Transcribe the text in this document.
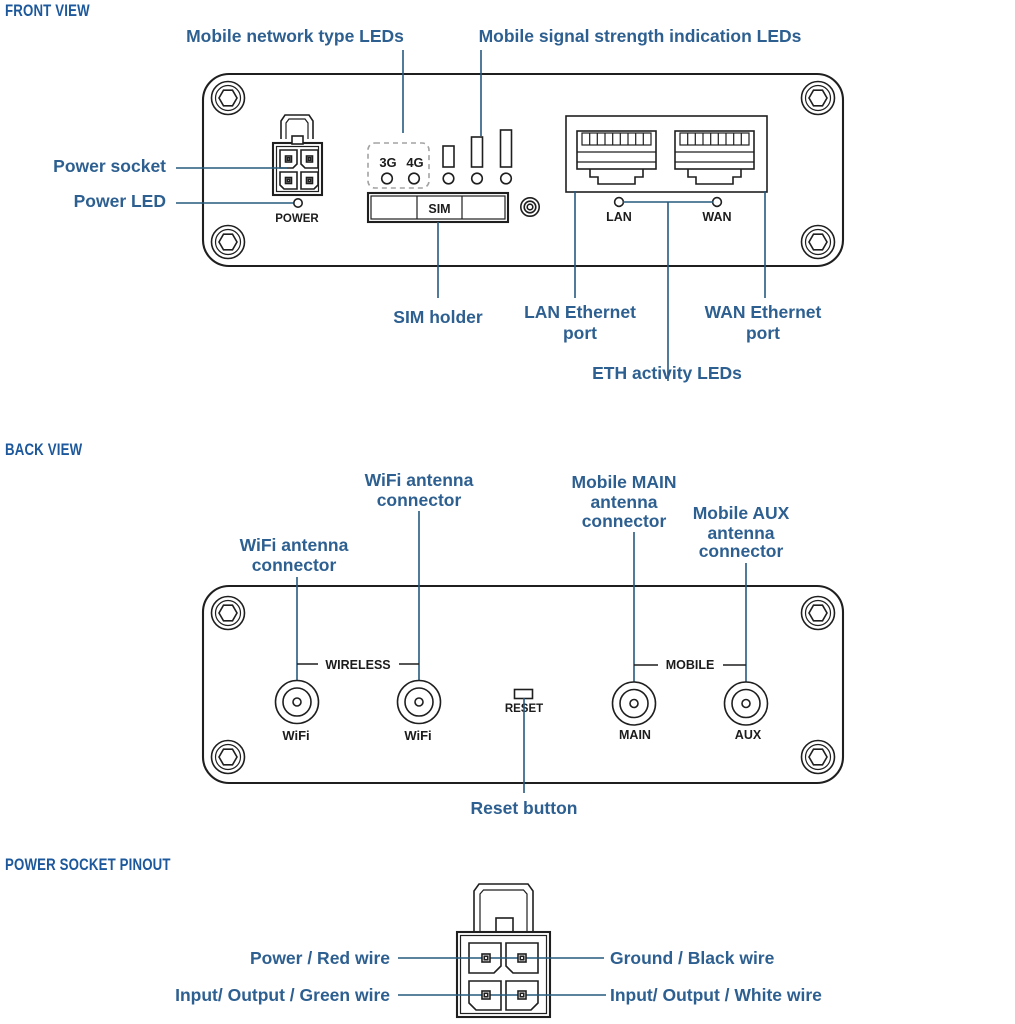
FRONT VIEW
POWER
3G 4G
SIM
LAN	WAN
Mobile network type LEDs	Mobile signal strength indication LEDs
Power socket
Power LED
SIM holder LAN Ethernet
port
WAN Ethernet
port
ETH activity LEDs
BACK VIEW
WIRELESS
WiFi	WiFi
RESET
MOBILE
MAIN	AUX
WiFi antenna
connector
WiFi antenna
connector
Mobile MAIN
antenna
connector Mobile AUX
antenna
connector
Reset button
POWER SOCKET PINOUT
Power / Red wire	Ground / Black wire
Input/ Output / Green wire	Input/ Output / White wire
